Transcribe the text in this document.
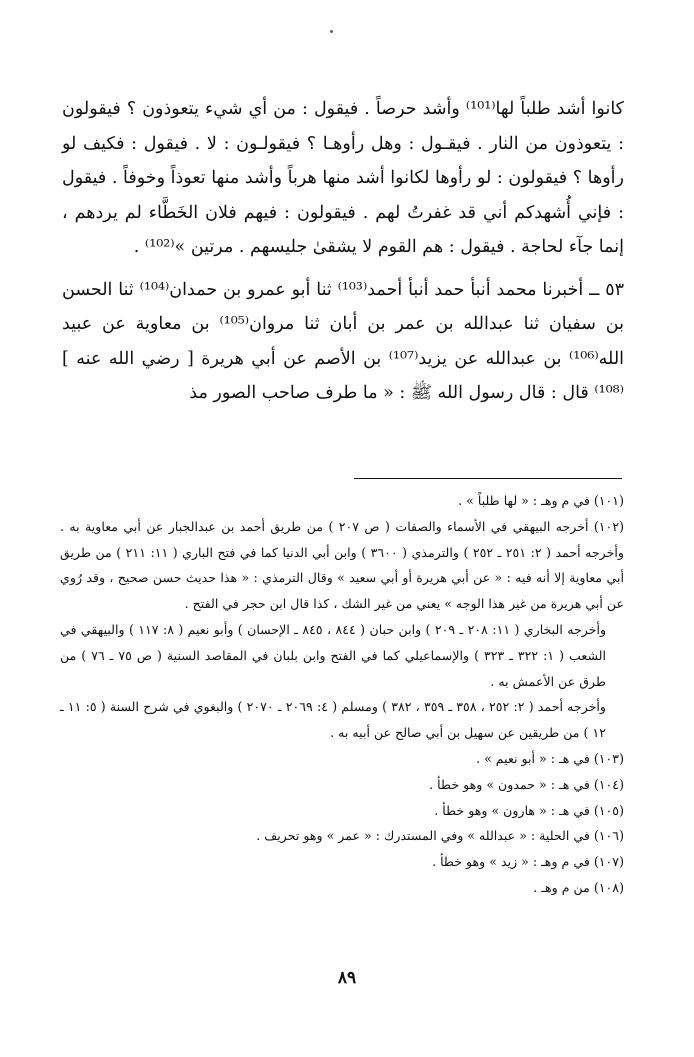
كانوا أشد طلباً لها⁽¹⁰¹⁾ وأشد حرصاً . فيقول : من أي شيء يتعوذون ؟ فيقولون : يتعوذون من النار . فيقـول : وهل رأوهـا ؟ فيقولـون : لا . فيقول : فكيف لو رأوها ؟ فيقولون : لو رأوها لكانوا أشد منها هرباً وأشد منها تعوذاً وخوفاً . فيقول : فإني أُشهدكم أني قد غفرتُ لهم . فيقولون : فيهم فلان الخَطَّاء لم يردهم ، إنما جآء لحاجة . فيقول : هم القوم لا يشقىٰ جليسهم . مرتين »⁽¹⁰²⁾ .

٥٣ ــ أخبرنا محمد أنبأ حمد أنبأ أحمد⁽¹⁰³⁾ ثنا أبو عمرو بن حمدان⁽¹⁰⁴⁾ ثنا الحسن بن سفيان ثنا عبدالله بن عمر بن أبان ثنا مروان⁽¹⁰⁵⁾ بن معاوية عن عبيد الله⁽¹⁰⁶⁾ بن عبدالله عن يزيد⁽¹⁰⁷⁾ بن الأصم عن أبي هريرة [ رضي الله عنه ]⁽¹⁰⁸⁾ قال : قال رسول الله ﷺ : « ما طرف صاحب الصور مذ

(١٠١) في م وهـ : « لها طلباً » .

(١٠٢) أخرجه البيهقي في الأسماء والصفات ( ص ٢٠٧ ) من طريق أحمد بن عبدالجبار عن أبي معاوية به . وأخرجه أحمد ( ٢: ٢٥١ ـ ٢٥٢ ) والترمذي ( ٣٦٠٠ ) وابن أبي الدنيا كما في فتح الباري ( ١١: ٢١١ ) من طريق أبي معاوية إلا أنه فيه : « عن أبي هريرة أو أبي سعيد » وقال الترمذي : « هذا حديث حسن صحيح ، وقد رُوي عن أبي هريرة من غير هذا الوجه » يعني من غير الشك ، كذا قال ابن حجر في الفتح .

وأخرجه البخاري ( ١١: ٢٠٨ ـ ٢٠٩ ) وابن حبان ( ٨٤٤ ، ٨٤٥ ـ الإحسان ) وأبو نعيم ( ٨: ١١٧ ) والبيهقي في الشعب ( ١: ٣٢٢ ـ ٣٢٣ ) والإسماعيلي كما في الفتح وابن بلبان في المقاصد السنية ( ص ٧٥ ـ ٧٦ ) من طرق عن الأعمش به .

وأخرجه أحمد ( ٢: ٢٥٢ ، ٣٥٨ ـ ٣٥٩ ، ٣٨٢ ) ومسلم ( ٤: ٢٠٦٩ ـ ٢٠٧٠ ) والبغوي في شرح السنة ( ٥: ١١ ـ ١٢ ) من طريقين عن سهيل بن أبي صالح عن أبيه به .

(١٠٣) في هـ : « أبو نعيم » .

(١٠٤) في هـ : « حمدون » وهو خطأ .

(١٠٥) في هـ : « هارون » وهو خطأ .

(١٠٦) في الحلية : « عبدالله » وفي المستدرك : « عمر » وهو تحريف .

(١٠٧) في م وهـ : « زيد » وهو خطأ .

(١٠٨) من م وهـ .

٨٩
